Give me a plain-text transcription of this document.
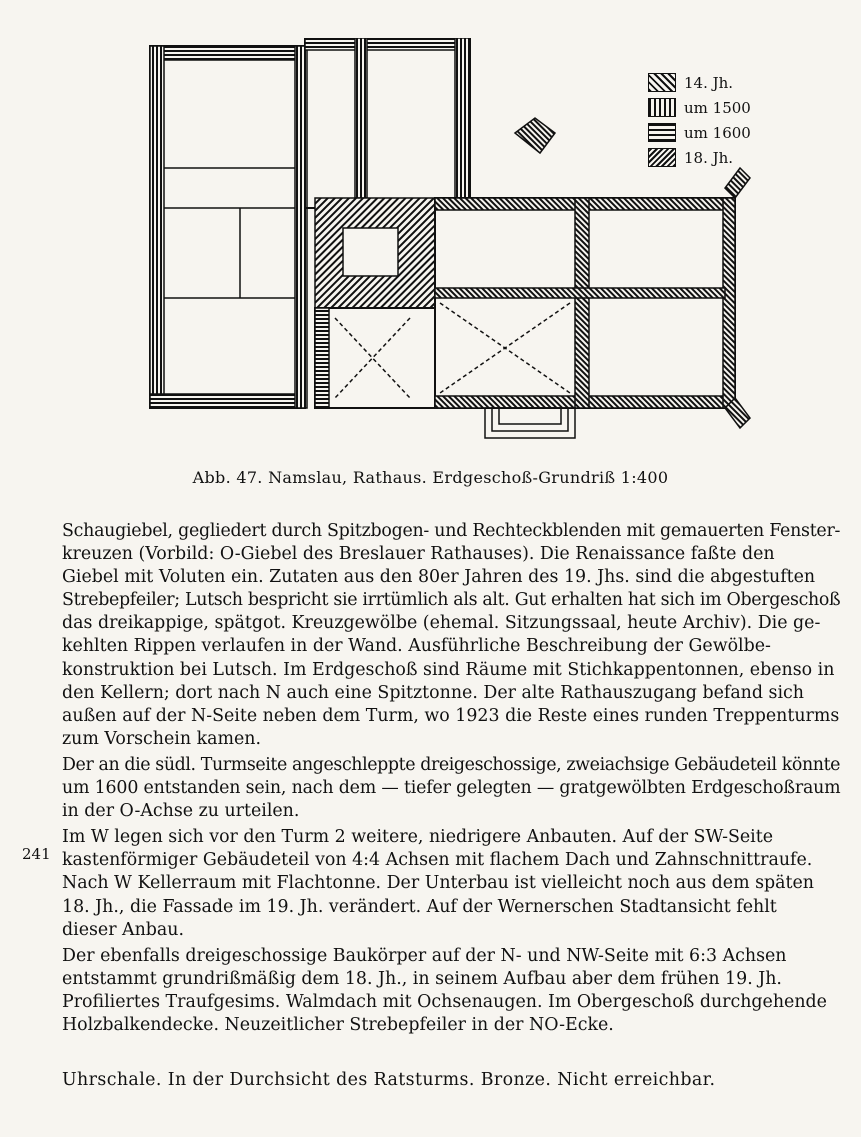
14. Jh.
um 1500
um 1600
18. Jh.
Abb. 47. Namslau, Rathaus. Erdgeschoß-Grundriß 1:400

Schaugiebel, gegliedert durch Spitzbogen- und Rechteckblenden mit gemauerten Fenster-
kreuzen (Vorbild: O-Giebel des Breslauer Rathauses). Die Renaissance faßte den
Giebel mit Voluten ein. Zutaten aus den 80er Jahren des 19. Jhs. sind die abgestuften
Strebepfeiler; Lutsch bespricht sie irrtümlich als alt. Gut erhalten hat sich im Obergeschoß
das dreikappige, spätgot. Kreuzgewölbe (ehemal. Sitzungssaal, heute Archiv). Die ge-
kehlten Rippen verlaufen in der Wand. Ausführliche Beschreibung der Gewölbe-
konstruktion bei Lutsch. Im Erdgeschoß sind Räume mit Stichkappentonnen, ebenso in
den Kellern; dort nach N auch eine Spitztonne. Der alte Rathauszugang befand sich
außen auf der N-Seite neben dem Turm, wo 1923 die Reste eines runden Treppenturms
zum Vorschein kamen.

Der an die südl. Turmseite angeschleppte dreigeschossige, zweiachsige Gebäudeteil könnte
um 1600 entstanden sein, nach dem — tiefer gelegten — gratgewölbten Erdgeschoßraum
in der O-Achse zu urteilen.

Im W legen sich vor den Turm 2 weitere, niedrigere Anbauten. Auf der SW-Seite
kastenförmiger Gebäudeteil von 4:4 Achsen mit flachem Dach und Zahnschnittraufe.
Nach W Kellerraum mit Flachtonne. Der Unterbau ist vielleicht noch aus dem späten
18. Jh., die Fassade im 19. Jh. verändert. Auf der Wernerschen Stadtansicht fehlt
dieser Anbau.

Der ebenfalls dreigeschossige Baukörper auf der N- und NW-Seite mit 6:3 Achsen
entstammt grundrißmäßig dem 18. Jh., in seinem Aufbau aber dem frühen 19. Jh.
Profiliertes Traufgesims. Walmdach mit Ochsenaugen. Im Obergeschoß durchgehende
Holzbalkendecke. Neuzeitlicher Strebepfeiler in der NO-Ecke.

241
Uhrschale. In der Durchsicht des Ratsturms. Bronze. Nicht erreichbar.
